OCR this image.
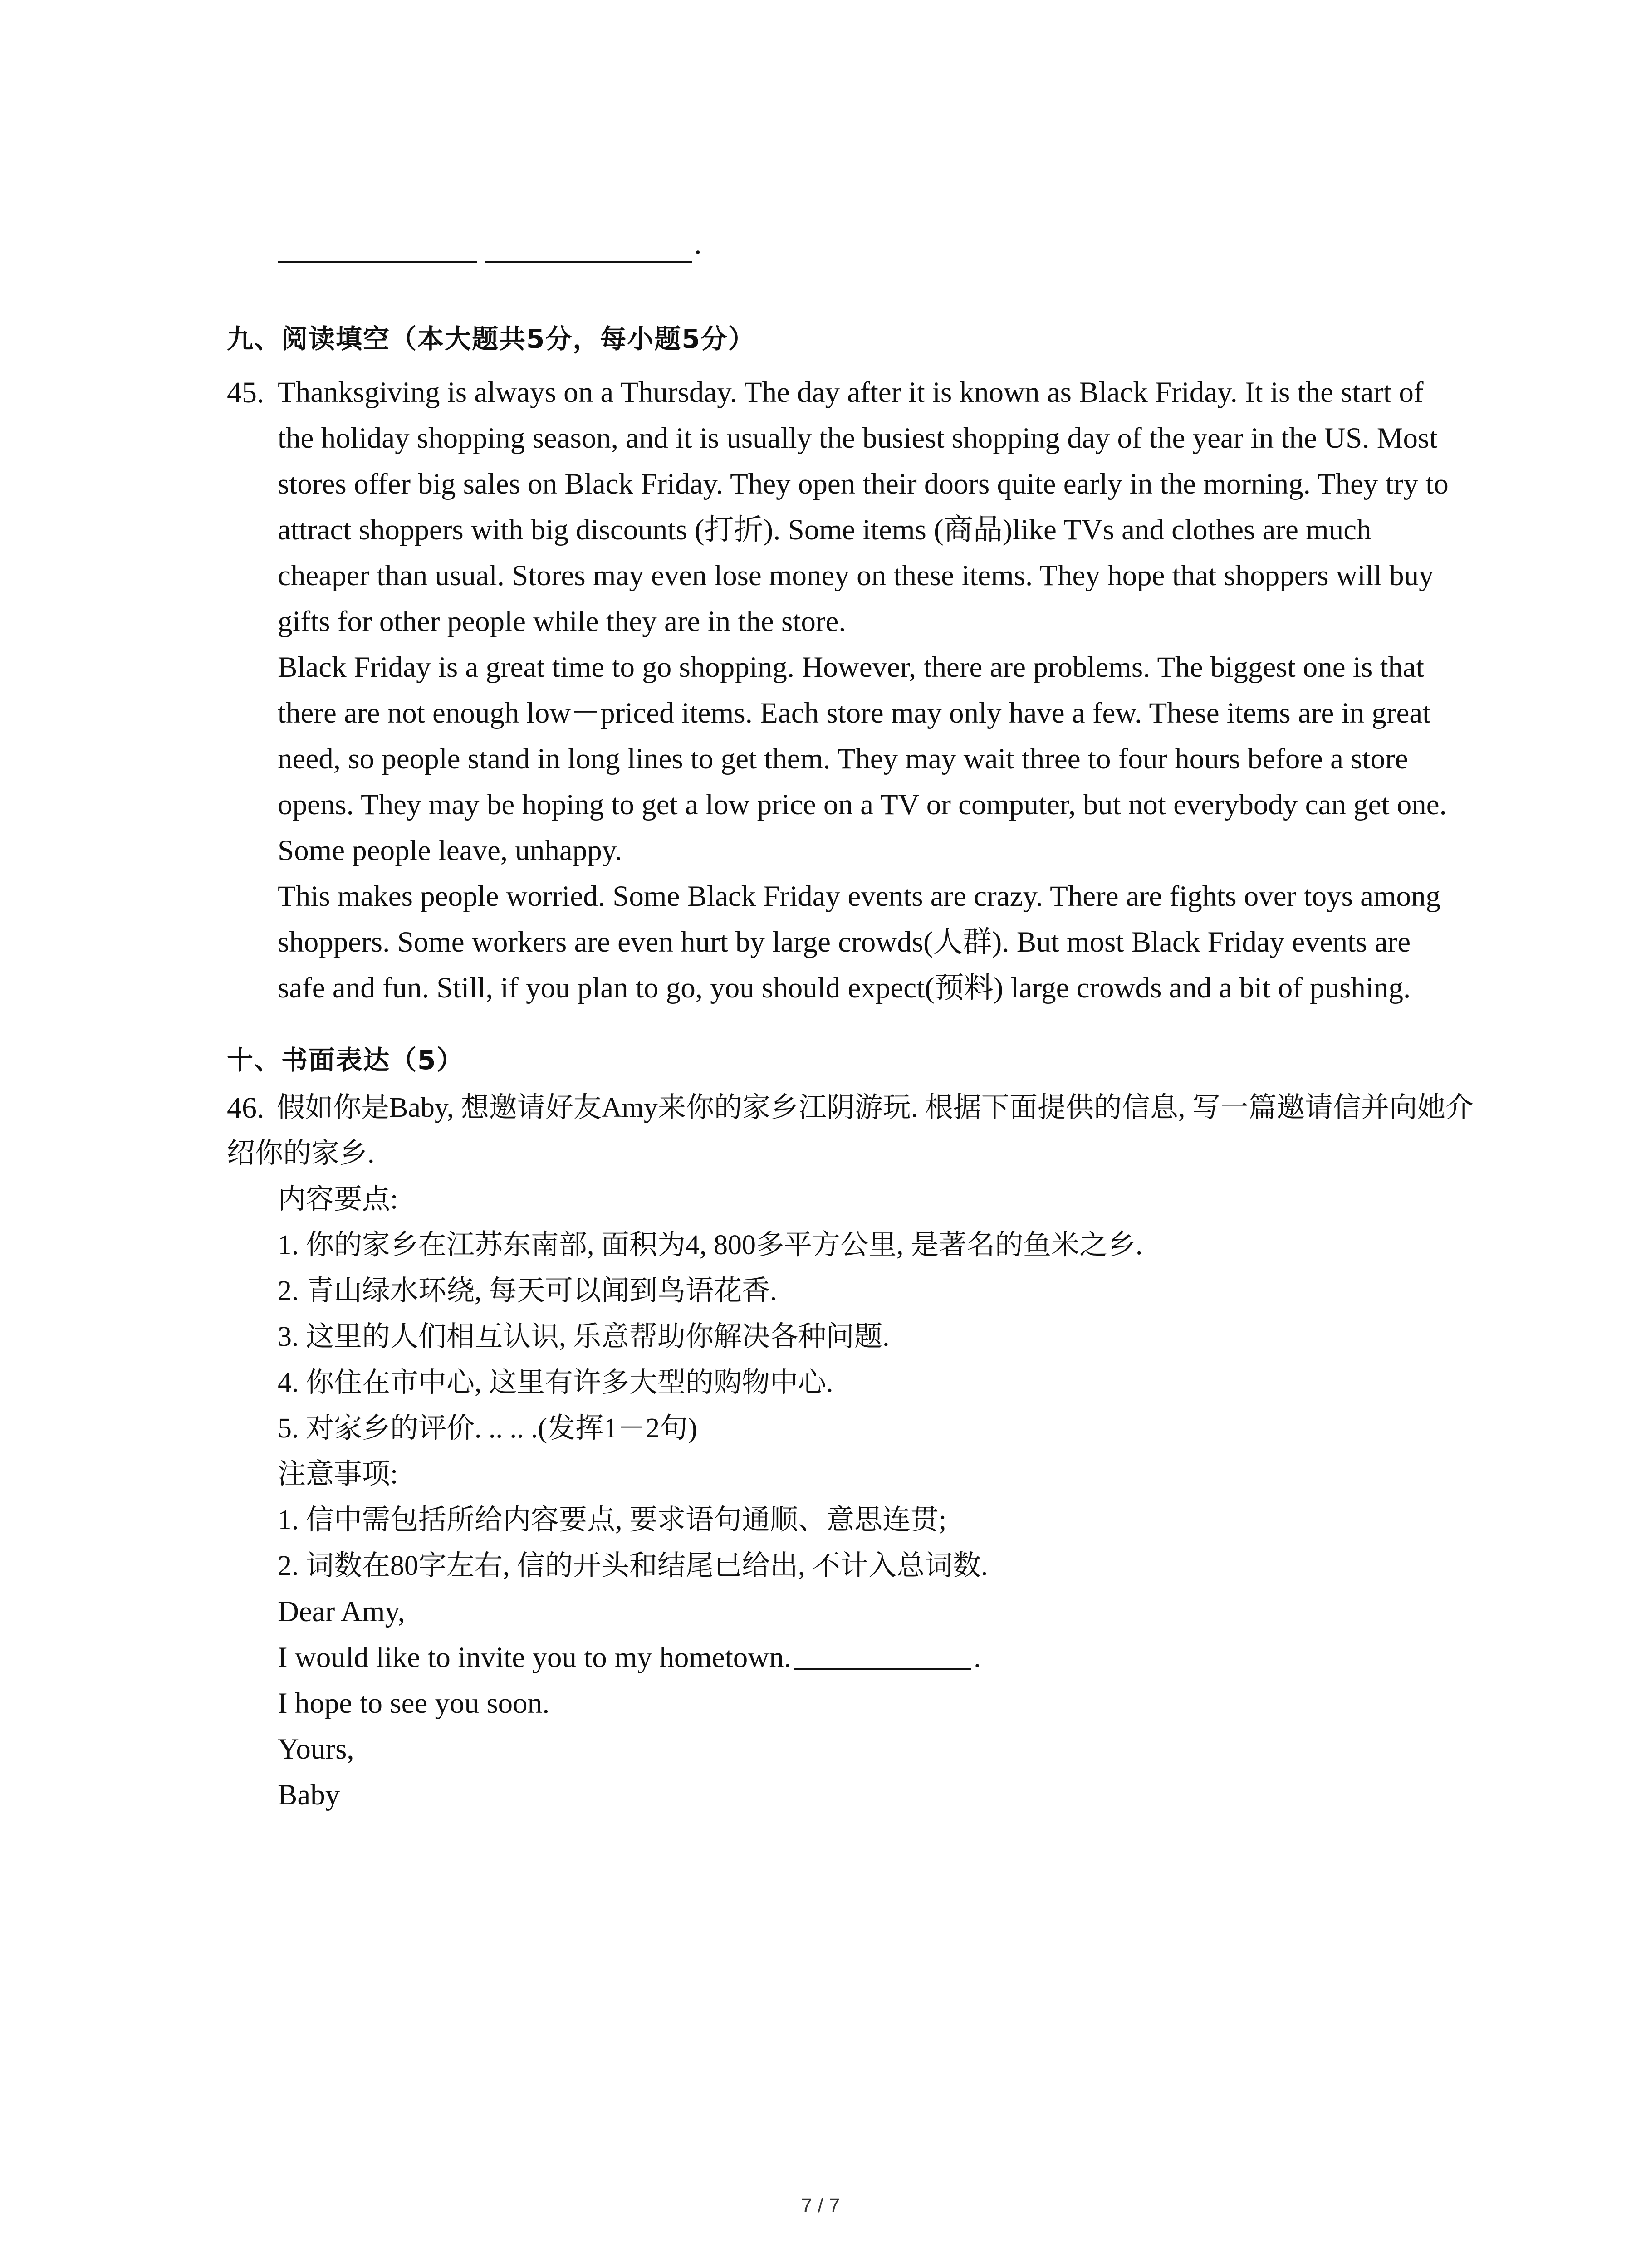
.
九、阅读填空（本大题共5分，每小题5分）
45. Thanksgiving is always on a Thursday. The day after it is known as Black Friday. It is the start of the holiday shopping season, and it is usually the busiest shopping day of the year in the US. Most stores offer big sales on Black Friday. They open their doors quite early in the morning. They try to attract shoppers with big discounts (打折). Some items (商品)like TVs and clothes are much cheaper than usual. Stores may even lose money on these items. They hope that shoppers will buy gifts for other people while they are in the store.

Black Friday is a great time to go shopping. However, there are problems. The biggest one is that there are not enough low－priced items. Each store may only have a few. These items are in great need, so people stand in long lines to get them. They may wait three to four hours before a store opens. They may be hoping to get a low price on a TV or computer, but not everybody can get one. Some people leave, unhappy.

This makes people worried. Some Black Friday events are crazy. There are fights over toys among shoppers. Some workers are even hurt by large crowds(人群). But most Black Friday events are safe and fun. Still, if you plan to go, you should expect(预料) large crowds and a bit of pushing.

十、书面表达（5）
46. 假如你是Baby, 想邀请好友Amy来你的家乡江阴游玩. 根据下面提供的信息, 写一篇邀请信并向她介绍你的家乡.

内容要点:

1. 你的家乡在江苏东南部, 面积为4, 800多平方公里, 是著名的鱼米之乡.

2. 青山绿水环绕, 每天可以闻到鸟语花香.

3. 这里的人们相互认识, 乐意帮助你解决各种问题.

4. 你住在市中心, 这里有许多大型的购物中心.

5. 对家乡的评价. .. .. .(发挥1－2句)

注意事项:

1. 信中需包括所给内容要点, 要求语句通顺、意思连贯;

2. 词数在80字左右, 信的开头和结尾已给出, 不计入总词数.

Dear Amy,

I would like to invite you to my hometown.	.

I hope to see you soon.

Yours,

Baby

7 / 7
